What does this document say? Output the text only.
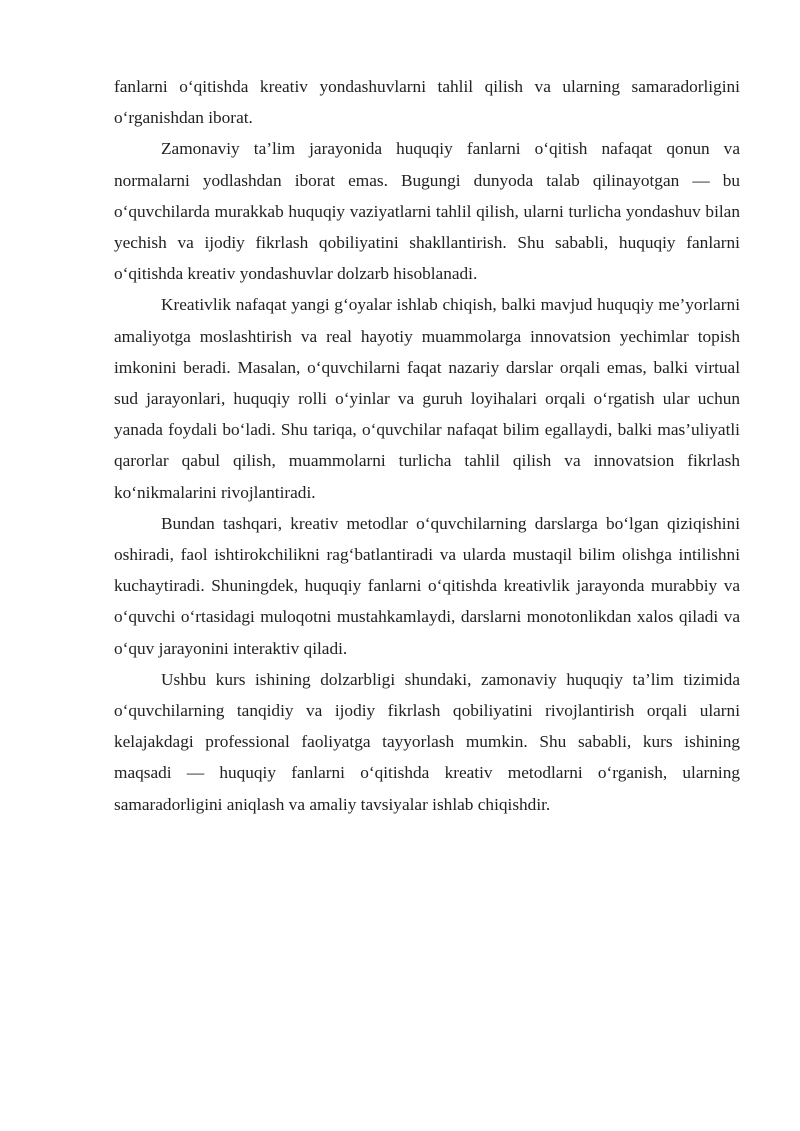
fanlarni o‘qitishda kreativ yondashuvlarni tahlil qilish va ularning samaradorligini o‘rganishdan iborat.

Zamonaviy ta’lim jarayonida huquqiy fanlarni o‘qitish nafaqat qonun va normalarni yodlashdan iborat emas. Bugungi dunyoda talab qilinayotgan — bu o‘quvchilarda murakkab huquqiy vaziyatlarni tahlil qilish, ularni turlicha yondashuv bilan yechish va ijodiy fikrlash qobiliyatini shakllantirish. Shu sababli, huquqiy fanlarni o‘qitishda kreativ yondashuvlar dolzarb hisoblanadi.

Kreativlik nafaqat yangi g‘oyalar ishlab chiqish, balki mavjud huquqiy me’yorlarni amaliyotga moslashtirish va real hayotiy muammolarga innovatsion yechimlar topish imkonini beradi. Masalan, o‘quvchilarni faqat nazariy darslar orqali emas, balki virtual sud jarayonlari, huquqiy rolli o‘yinlar va guruh loyihalari orqali o‘rgatish ular uchun yanada foydali bo‘ladi. Shu tariqa, o‘quvchilar nafaqat bilim egallaydi, balki mas’uliyatli qarorlar qabul qilish, muammolarni turlicha tahlil qilish va innovatsion fikrlash ko‘nikmalarini rivojlantiradi.

Bundan tashqari, kreativ metodlar o‘quvchilarning darslarga bo‘lgan qiziqishini oshiradi, faol ishtirokchilikni rag‘batlantiradi va ularda mustaqil bilim olishga intilishni kuchaytiradi. Shuningdek, huquqiy fanlarni o‘qitishda kreativlik jarayonda murabbiy va o‘quvchi o‘rtasidagi muloqotni mustahkamlaydi, darslarni monotonlikdan xalos qiladi va o‘quv jarayonini interaktiv qiladi.

Ushbu kurs ishining dolzarbligi shundaki, zamonaviy huquqiy ta’lim tizimida o‘quvchilarning tanqidiy va ijodiy fikrlash qobiliyatini rivojlantirish orqali ularni kelajakdagi professional faoliyatga tayyorlash mumkin. Shu sababli, kurs ishining maqsadi — huquqiy fanlarni o‘qitishda kreativ metodlarni o‘rganish, ularning samaradorligini aniqlash va amaliy tavsiyalar ishlab chiqishdir.
